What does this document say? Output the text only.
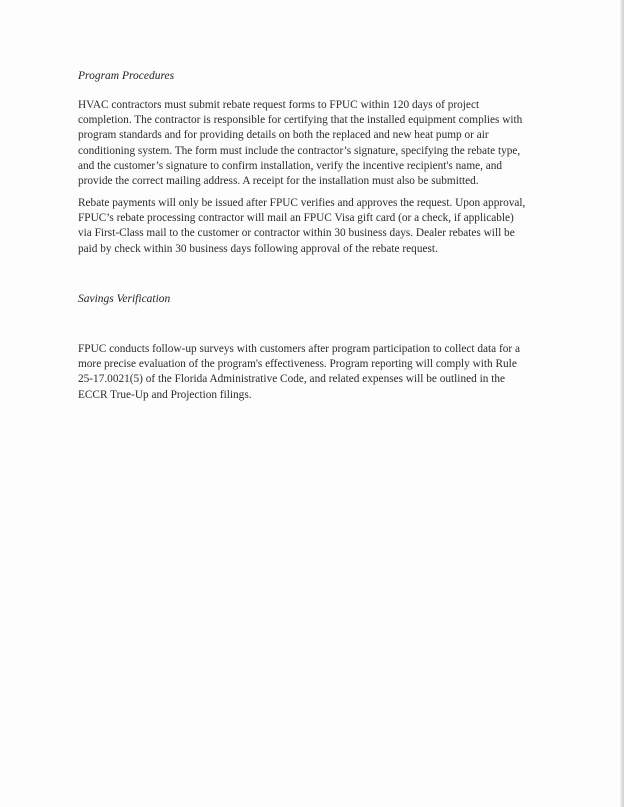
Program Procedures

HVAC contractors must submit rebate request forms to FPUC within 120 days of project
completion. The contractor is responsible for certifying that the installed equipment complies with
program standards and for providing details on both the replaced and new heat pump or air
conditioning system. The form must include the contractor’s signature, specifying the rebate type,
and the customer’s signature to confirm installation, verify the incentive recipient's name, and
provide the correct mailing address. A receipt for the installation must also be submitted.

Rebate payments will only be issued after FPUC verifies and approves the request. Upon approval,
FPUC’s rebate processing contractor will mail an FPUC Visa gift card (or a check, if applicable)
via First-Class mail to the customer or contractor within 30 business days. Dealer rebates will be
paid by check within 30 business days following approval of the rebate request.

Savings Verification

FPUC conducts follow-up surveys with customers after program participation to collect data for a
more precise evaluation of the program's effectiveness. Program reporting will comply with Rule
25-17.0021(5) of the Florida Administrative Code, and related expenses will be outlined in the
ECCR True-Up and Projection filings.
